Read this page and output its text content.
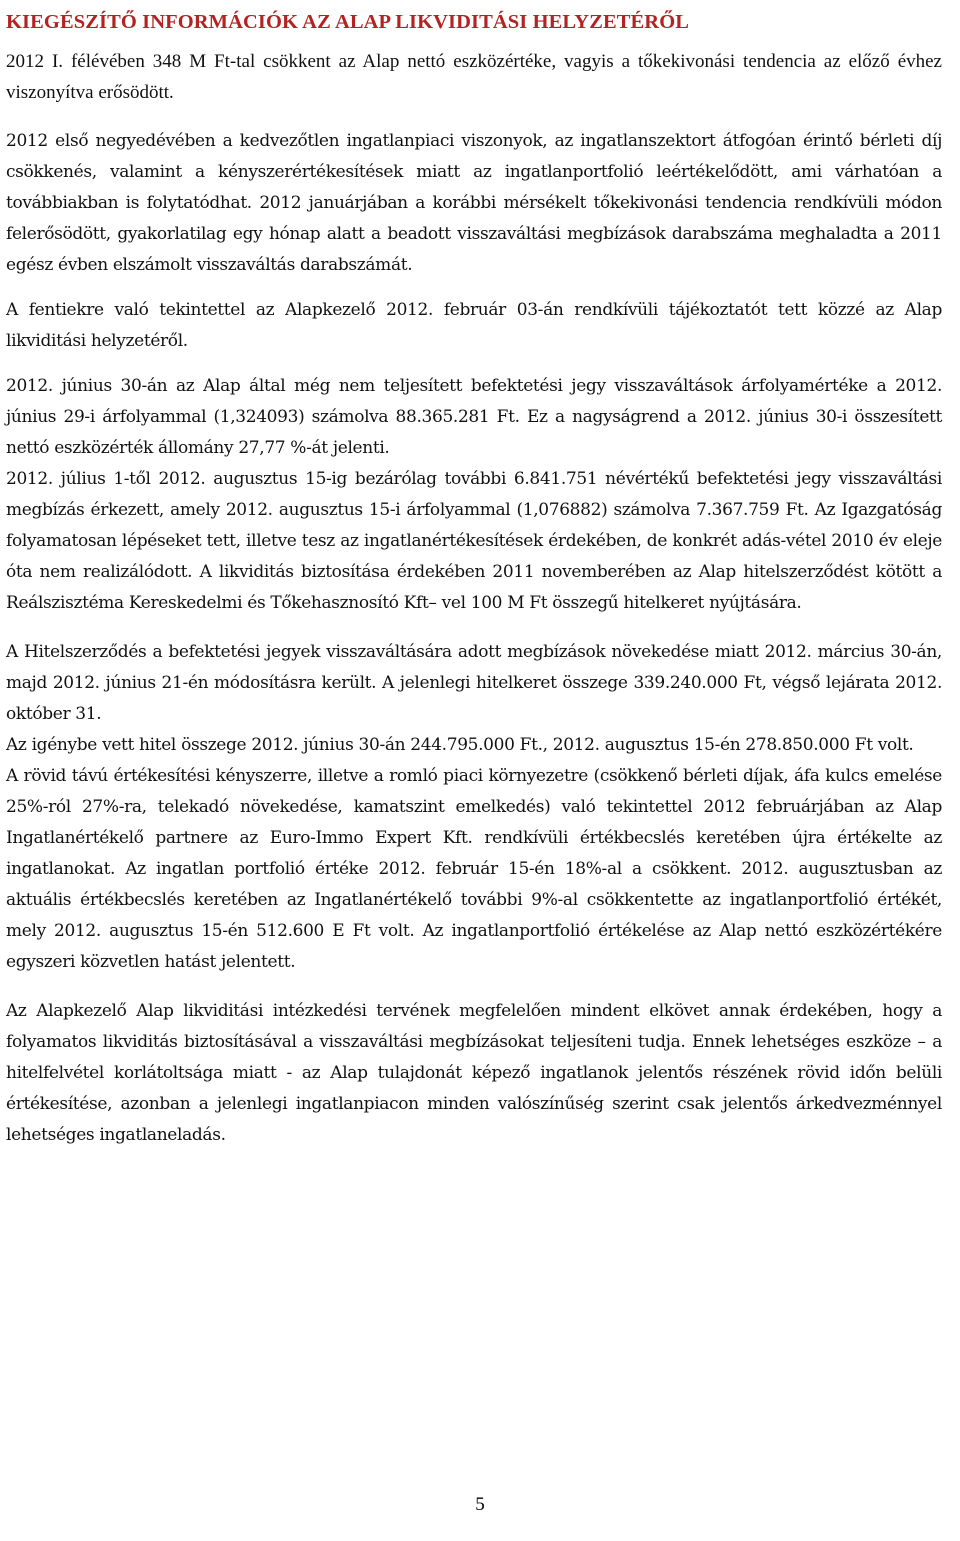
KIEGÉSZÍTŐ INFORMÁCIÓK AZ ALAP LIKVIDITÁSI HELYZETÉRŐL

2012 I. félévében 348 M Ft-tal csökkent az Alap nettó eszközértéke, vagyis a tőkekivonási tendencia az előző évhez viszonyítva erősödött.

2012 első negyedévében a kedvezőtlen ingatlanpiaci viszonyok, az ingatlanszektort átfogóan érintő bérleti díj csökkenés, valamint a kényszerértékesítések miatt az ingatlanportfolió leértékelődött, ami várhatóan a továbbiakban is folytatódhat. 2012 januárjában a korábbi mérsékelt tőkekivonási tendencia rendkívüli módon felerősödött, gyakorlatilag egy hónap alatt a beadott visszaváltási megbízások darabszáma meghaladta a 2011 egész évben elszámolt visszaváltás darabszámát.

A fentiekre való tekintettel az Alapkezelő 2012. február 03-án rendkívüli tájékoztatót tett közzé az Alap likviditási helyzetéről.

2012. június 30-án az Alap által még nem teljesített befektetési jegy visszaváltások árfolyamértéke a 2012. június 29-i árfolyammal (1,324093) számolva 88.365.281 Ft. Ez a nagyságrend a 2012. június 30-i összesített nettó eszközérték állomány 27,77 %-át jelenti.

2012. július 1-től 2012. augusztus 15-ig bezárólag további 6.841.751 névértékű befektetési jegy visszaváltási megbízás érkezett, amely 2012. augusztus 15-i árfolyammal (1,076882) számolva 7.367.759 Ft. Az Igazgatóság folyamatosan lépéseket tett, illetve tesz az ingatlanértékesítések érdekében, de konkrét adás-vétel 2010 év eleje óta nem realizálódott. A likviditás biztosítása érdekében 2011 novemberében az Alap hitelszerződést kötött a Reálszisztéma Kereskedelmi és Tőkehasznosító Kft– vel 100 M Ft összegű hitelkeret nyújtására.

A Hitelszerződés a befektetési jegyek visszaváltására adott megbízások növekedése miatt 2012. március 30-án, majd 2012. június 21-én módosításra került. A jelenlegi hitelkeret összege 339.240.000 Ft, végső lejárata 2012. október 31.

Az igénybe vett hitel összege 2012. június 30-án 244.795.000 Ft., 2012. augusztus 15-én 278.850.000 Ft volt.

A rövid távú értékesítési kényszerre, illetve a romló piaci környezetre (csökkenő bérleti díjak, áfa kulcs emelése 25%-ról 27%-ra, telekadó növekedése, kamatszint emelkedés) való tekintettel 2012 februárjában az Alap Ingatlanértékelő partnere az Euro-Immo Expert Kft. rendkívüli értékbecslés keretében újra értékelte az ingatlanokat. Az ingatlan portfolió értéke 2012. február 15-én 18%-al a csökkent. 2012. augusztusban az aktuális értékbecslés keretében az Ingatlanértékelő további 9%-al csökkentette az ingatlanportfolió értékét, mely 2012. augusztus 15-én 512.600 E Ft volt. Az ingatlanportfolió értékelése az Alap nettó eszközértékére egyszeri közvetlen hatást jelentett.

Az Alapkezelő Alap likviditási intézkedési tervének megfelelően mindent elkövet annak érdekében, hogy a folyamatos likviditás biztosításával a visszaváltási megbízásokat teljesíteni tudja. Ennek lehetséges eszköze – a hitelfelvétel korlátoltsága miatt - az Alap tulajdonát képező ingatlanok jelentős részének rövid időn belüli értékesítése, azonban a jelenlegi ingatlanpiacon minden valószínűség szerint csak jelentős árkedvezménnyel lehetséges ingatlaneladás.

5
